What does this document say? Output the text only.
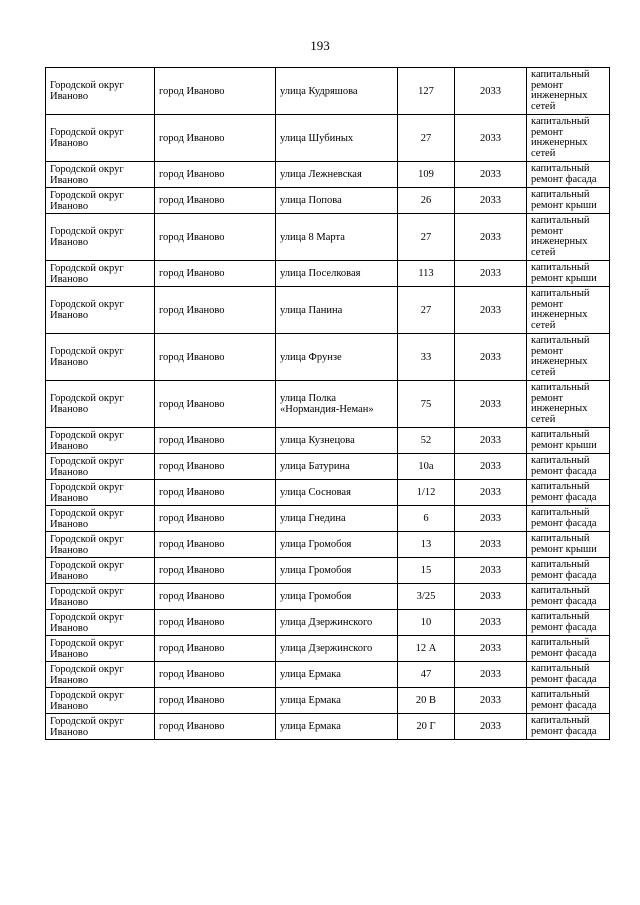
193
Городской округ Иваново	город Иваново	улица Кудряшова	127	2033	капитальный ремонт инженерных сетей
Городской округ Иваново	город Иваново	улица Шубиных	27	2033	капитальный ремонт инженерных сетей
Городской округ Иваново	город Иваново	улица Лежневская	109	2033	капитальный ремонт фасада
Городской округ Иваново	город Иваново	улица Попова	26	2033	капитальный ремонт крыши
Городской округ Иваново	город Иваново	улица 8 Марта	27	2033	капитальный ремонт инженерных сетей
Городской округ Иваново	город Иваново	улица Поселковая	113	2033	капитальный ремонт крыши
Городской округ Иваново	город Иваново	улица Панина	27	2033	капитальный ремонт инженерных сетей
Городской округ Иваново	город Иваново	улица Фрунзе	33	2033	капитальный ремонт инженерных сетей
Городской округ Иваново	город Иваново	улица Полка «Нормандия-Неман»	75	2033	капитальный ремонт инженерных сетей
Городской округ Иваново	город Иваново	улица Кузнецова	52	2033	капитальный ремонт крыши
Городской округ Иваново	город Иваново	улица Батурина	10а	2033	капитальный ремонт фасада
Городской округ Иваново	город Иваново	улица Сосновая	1/12	2033	капитальный ремонт фасада
Городской округ Иваново	город Иваново	улица Гнедина	6	2033	капитальный ремонт фасада
Городской округ Иваново	город Иваново	улица Громобоя	13	2033	капитальный ремонт крыши
Городской округ Иваново	город Иваново	улица Громобоя	15	2033	капитальный ремонт фасада
Городской округ Иваново	город Иваново	улица Громобоя	3/25	2033	капитальный ремонт фасада
Городской округ Иваново	город Иваново	улица Дзержинского	10	2033	капитальный ремонт фасада
Городской округ Иваново	город Иваново	улица Дзержинского	12 А	2033	капитальный ремонт фасада
Городской округ Иваново	город Иваново	улица Ермака	47	2033	капитальный ремонт фасада
Городской округ Иваново	город Иваново	улица Ермака	20 В	2033	капитальный ремонт фасада
Городской округ Иваново	город Иваново	улица Ермака	20 Г	2033	капитальный ремонт фасада
